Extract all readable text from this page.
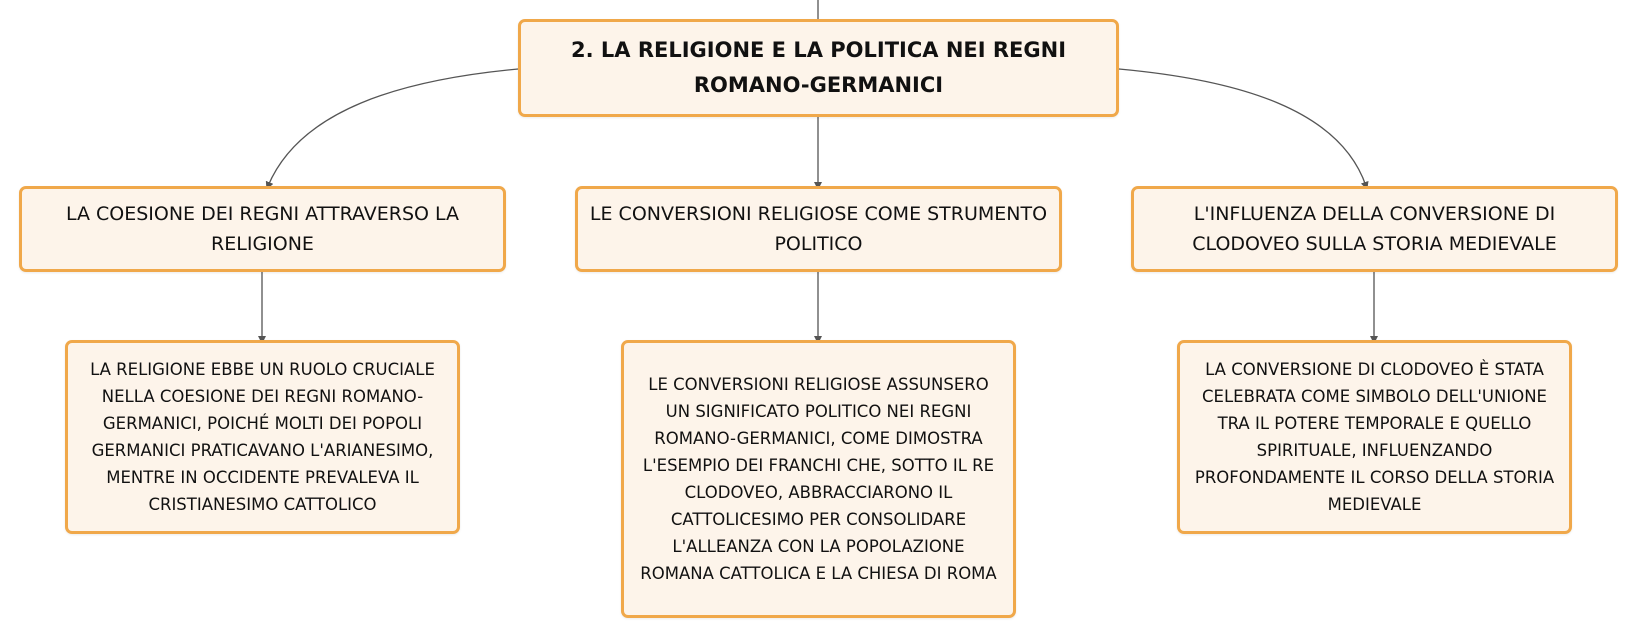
2. LA RELIGIONE E LA POLITICA NEI REGNI ROMANO-GERMANICI
LA COESIONE DEI REGNI ATTRAVERSO LA RELIGIONE
LE CONVERSIONI RELIGIOSE COME STRUMENTO POLITICO
L'INFLUENZA DELLA CONVERSIONE DI CLODOVEO SULLA STORIA MEDIEVALE
LA RELIGIONE EBBE UN RUOLO CRUCIALE NELLA COESIONE DEI REGNI ROMANO-GERMANICI, POICHÉ MOLTI DEI POPOLI GERMANICI PRATICAVANO L'ARIANESIMO, MENTRE IN OCCIDENTE PREVALEVA IL CRISTIANESIMO CATTOLICO
LE CONVERSIONI RELIGIOSE ASSUNSERO UN SIGNIFICATO POLITICO NEI REGNI ROMANO-GERMANICI, COME DIMOSTRA L'ESEMPIO DEI FRANCHI CHE, SOTTO IL RE CLODOVEO, ABBRACCIARONO IL CATTOLICESIMO PER CONSOLIDARE L'ALLEANZA CON LA POPOLAZIONE ROMANA CATTOLICA E LA CHIESA DI ROMA
LA CONVERSIONE DI CLODOVEO È STATA CELEBRATA COME SIMBOLO DELL'UNIONE TRA IL POTERE TEMPORALE E QUELLO SPIRITUALE, INFLUENZANDO PROFONDAMENTE IL CORSO DELLA STORIA MEDIEVALE
